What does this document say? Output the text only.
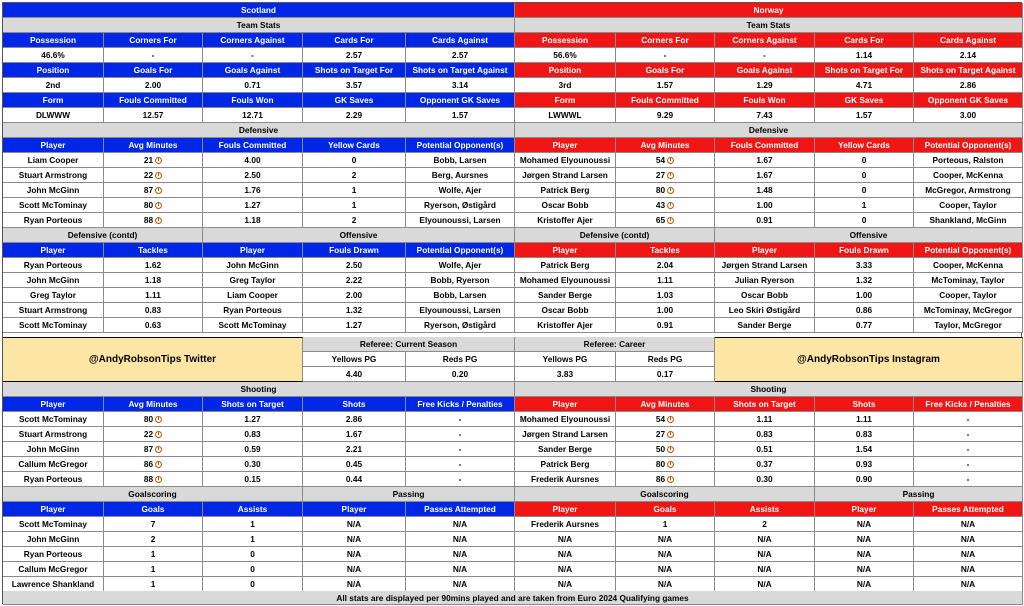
Scotland
Team Stats
Possession	Corners For	Corners Against	Cards For	Cards Against
46.6%	-	-	2.57	2.57
Position	Goals For	Goals Against	Shots on Target For	Shots on Target Against
2nd	2.00	0.71	3.57	3.14
Form	Fouls Committed	Fouls Won	GK Saves	Opponent GK Saves
DLWWW	12.57	12.71	2.29	1.57
Defensive
Player	Avg Minutes	Fouls Committed	Yellow Cards	Potential Opponent(s)
Liam Cooper	21	4.00	0	Bobb, Larsen
Stuart Armstrong	22	2.50	2	Berg, Aursnes
John McGinn	87	1.76	1	Wolfe, Ajer
Scott McTominay	80	1.27	1	Ryerson, Østigård
Ryan Porteous	88	1.18	2	Elyounoussi, Larsen
Defensive (contd)	Offensive
Player	Tackles	Player	Fouls Drawn	Potential Opponent(s)
Ryan Porteous	1.62	John McGinn	2.50	Wolfe, Ajer
John McGinn	1.18	Greg Taylor	2.22	Bobb, Ryerson
Greg Taylor	1.11	Liam Cooper	2.00	Bobb, Larsen
Stuart Armstrong	0.83	Ryan Porteous	1.32	Elyounoussi, Larsen
Scott McTominay	0.63	Scott McTominay	1.27	Ryerson, Østigård
Norway
Team Stats
Possession	Corners For	Corners Against	Cards For	Cards Against
56.6%	-	-	1.14	2.14
Position	Goals For	Goals Against	Shots on Target For	Shots on Target Against
3rd	1.57	1.29	4.71	2.86
Form	Fouls Committed	Fouls Won	GK Saves	Opponent GK Saves
LWWWL	9.29	7.43	1.57	3.00
Defensive
Player	Avg Minutes	Fouls Committed	Yellow Cards	Potential Opponent(s)
Mohamed Elyounoussi	54	1.67	0	Porteous, Ralston
Jørgen Strand Larsen	27	1.67	0	Cooper, McKenna
Patrick Berg	80	1.48	0	McGregor, Armstrong
Oscar Bobb	43	1.00	1	Cooper, Taylor
Kristoffer Ajer	65	0.91	0	Shankland, McGinn
Defensive (contd)	Offensive
Player	Tackles	Player	Fouls Drawn	Potential Opponent(s)
Patrick Berg	2.04	Jørgen Strand Larsen	3.33	Cooper, McKenna
Mohamed Elyounoussi	1.11	Julian Ryerson	1.32	McTominay, Taylor
Sander Berge	1.03	Oscar Bobb	1.00	Cooper, Taylor
Oscar Bobb	1.00	Leo Skiri Østigård	0.86	McTominay, McGregor
Kristoffer Ajer	0.91	Sander Berge	0.77	Taylor, McGregor
@AndyRobsonTips Twitter
Referee: Current Season	Referee: Career
@AndyRobsonTips Instagram
Yellows PG	Reds PG	Yellows PG	Reds PG
4.40	0.20	3.83	0.17
Shooting
Player	Avg Minutes	Shots on Target	Shots	Free Kicks / Penalties
Scott McTominay	80	1.27	2.86	-
Stuart Armstrong	22	0.83	1.67	-
John McGinn	87	0.59	2.21	-
Callum McGregor	86	0.30	0.45	-
Ryan Porteous	88	0.15	0.44	-
Goalscoring	Passing
Player	Goals	Assists	Player	Passes Attempted
Scott McTominay	7	1	N/A	N/A
John McGinn	2	1	N/A	N/A
Ryan Porteous	1	0	N/A	N/A
Callum McGregor	1	0	N/A	N/A
Lawrence Shankland	1	0	N/A	N/A
Shooting
Player	Avg Minutes	Shots on Target	Shots	Free Kicks / Penalties
Mohamed Elyounoussi	54	1.11	1.11	-
Jørgen Strand Larsen	27	0.83	0.83	-
Sander Berge	50	0.51	1.54	-
Patrick Berg	80	0.37	0.93	-
Frederik Aursnes	86	0.30	0.90	-
Goalscoring	Passing
Player	Goals	Assists	Player	Passes Attempted
Frederik Aursnes	1	2	N/A	N/A
N/A	N/A	N/A	N/A	N/A
N/A	N/A	N/A	N/A	N/A
N/A	N/A	N/A	N/A	N/A
N/A	N/A	N/A	N/A	N/A
All stats are displayed per 90mins played and are taken from Euro 2024 Qualifying games
